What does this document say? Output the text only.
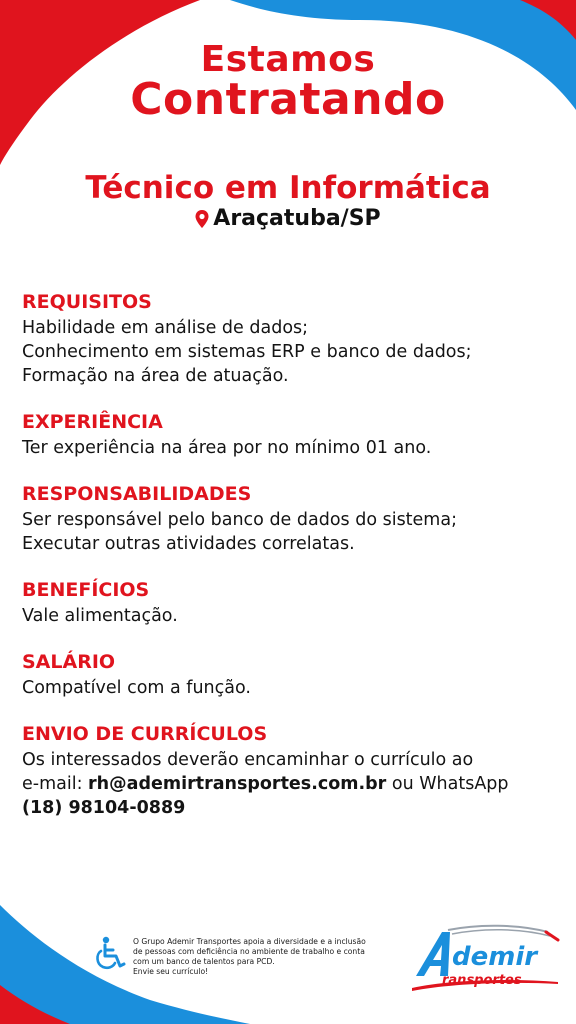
Estamos
Contratando
Técnico em Informática
Araçatuba/SP
REQUISITOS
Habilidade em análise de dados;
Conhecimento em sistemas ERP e banco de dados;
Formação na área de atuação.
EXPERIÊNCIA
Ter experiência na área por no mínimo 01 ano.
RESPONSABILIDADES
Ser responsável pelo banco de dados do sistema;
Executar outras atividades correlatas.
BENEFÍCIOS
Vale alimentação.
SALÁRIO
Compatível com a função.
ENVIO DE CURRÍCULOS
Os interessados deverão encaminhar o currículo ao
e-mail: rh@ademirtransportes.com.br ou WhatsApp
(18) 98104-0889
O Grupo Ademir Transportes apoia a diversidade e a inclusão
de pessoas com deficiência no ambiente de trabalho e conta
com um banco de talentos para PCD.
Envie seu currículo!	demir
ransportes
